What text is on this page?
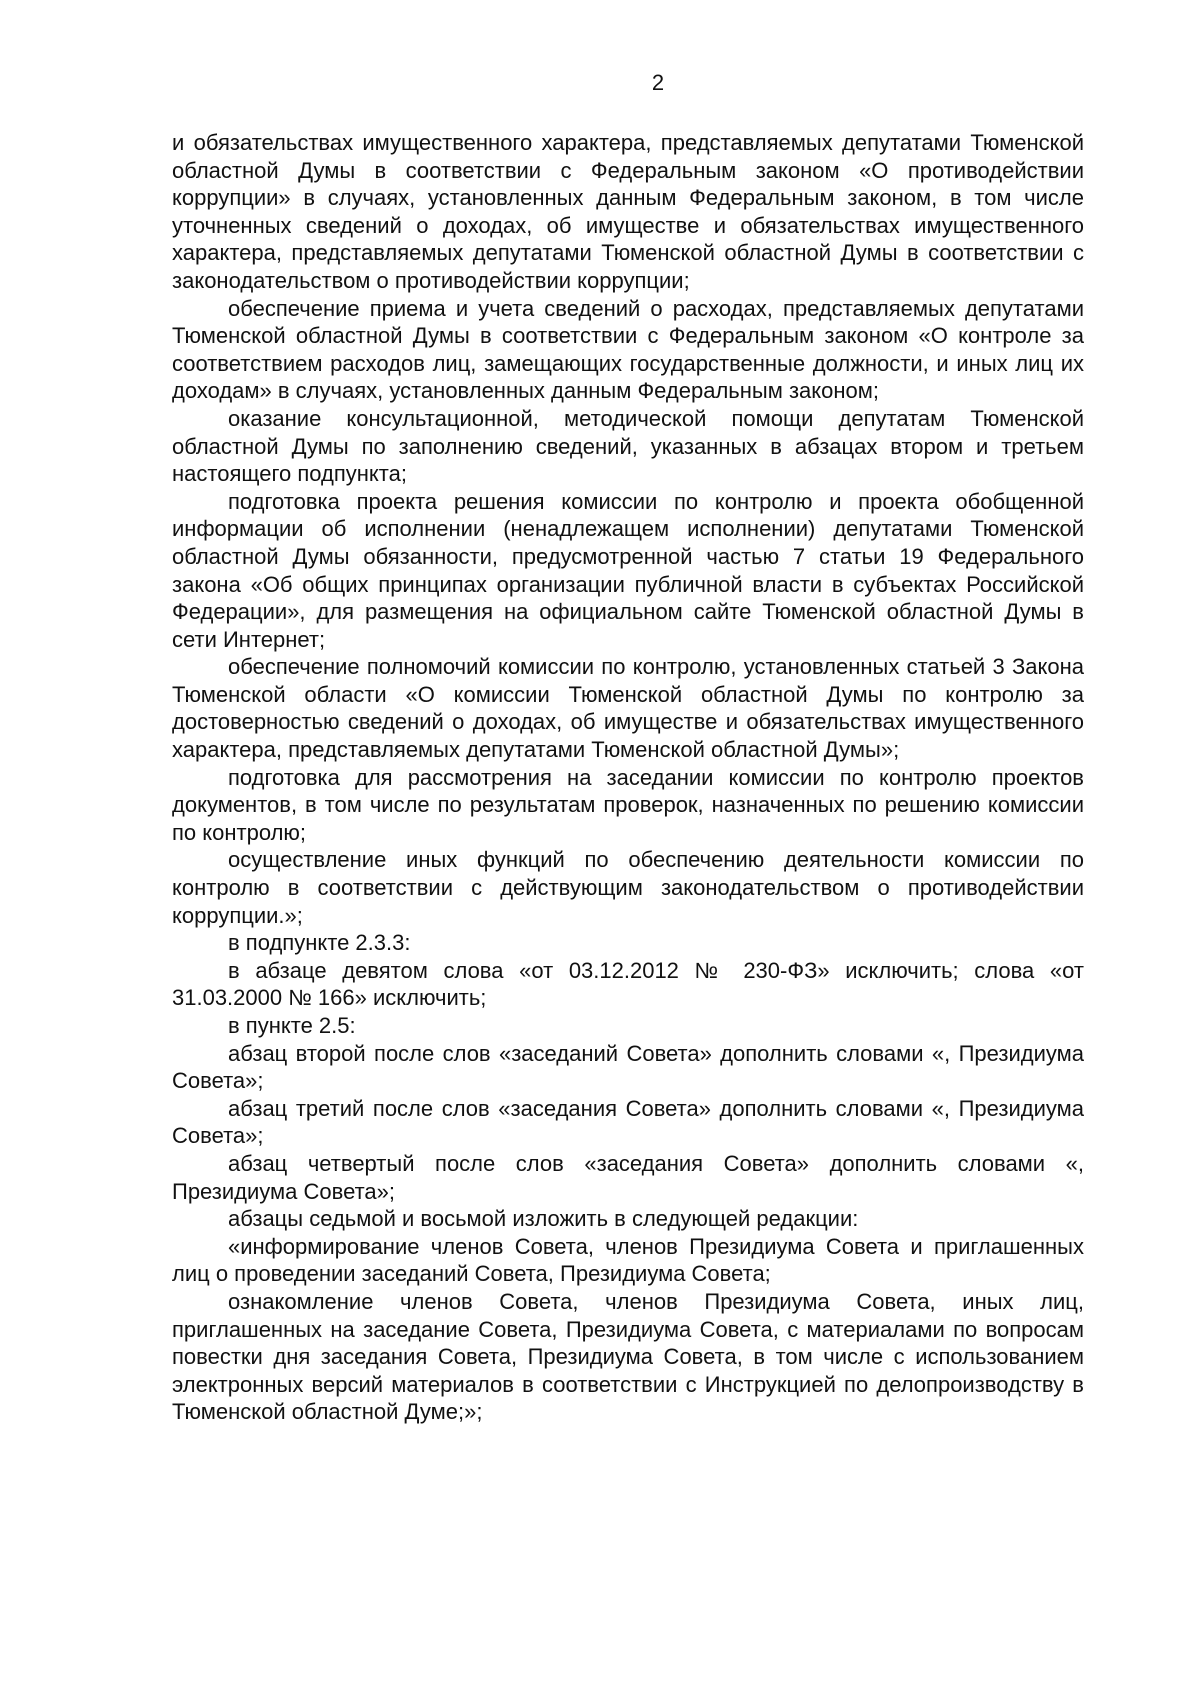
2

и обязательствах имущественного характера, представляемых депутатами Тюменской областной Думы в соответствии с Федеральным законом «О противодействии коррупции» в случаях, установленных данным Федеральным законом, в том числе уточненных сведений о доходах, об имуществе и обязательствах имущественного характера, представляемых депутатами Тюменской областной Думы в соответствии с законодательством о противодействии коррупции;

обеспечение приема и учета сведений о расходах, представляемых депутатами Тюменской областной Думы в соответствии с Федеральным законом «О контроле за соответствием расходов лиц, замещающих государственные должности, и иных лиц их доходам» в случаях, установленных данным Федеральным законом;

оказание консультационной, методической помощи депутатам Тюменской областной Думы по заполнению сведений, указанных в абзацах втором и третьем настоящего подпункта;

подготовка проекта решения комиссии по контролю и проекта обобщенной информации об исполнении (ненадлежащем исполнении) депутатами Тюменской областной Думы обязанности, предусмотренной частью 7 статьи 19 Федерального закона «Об общих принципах организации публичной власти в субъектах Российской Федерации», для размещения на официальном сайте Тюменской областной Думы в сети Интернет;

обеспечение полномочий комиссии по контролю, установленных статьей 3 Закона Тюменской области «О комиссии Тюменской областной Думы по контролю за достоверностью сведений о доходах, об имуществе и обязательствах имущественного характера, представляемых депутатами Тюменской областной Думы»;

подготовка для рассмотрения на заседании комиссии по контролю проектов документов, в том числе по результатам проверок, назначенных по решению комиссии по контролю;

осуществление иных функций по обеспечению деятельности комиссии по контролю в соответствии с действующим законодательством о противодействии коррупции.»;

в подпункте 2.3.3:

в абзаце девятом слова «от 03.12.2012 № 230-ФЗ» исключить; слова «от 31.03.2000 № 166» исключить;

в пункте 2.5:

абзац второй после слов «заседаний Совета» дополнить словами «, Президиума Совета»;

абзац третий после слов «заседания Совета» дополнить словами «, Президиума Совета»;

абзац четвертый после слов «заседания Совета» дополнить словами «, Президиума Совета»;

абзацы седьмой и восьмой изложить в следующей редакции:

«информирование членов Совета, членов Президиума Совета и приглашенных лиц о проведении заседаний Совета, Президиума Совета;

ознакомление членов Совета, членов Президиума Совета, иных лиц, приглашенных на заседание Совета, Президиума Совета, с материалами по вопросам повестки дня заседания Совета, Президиума Совета, в том числе с использованием электронных версий материалов в соответствии с Инструкцией по делопроизводству в Тюменской областной Думе;»;
